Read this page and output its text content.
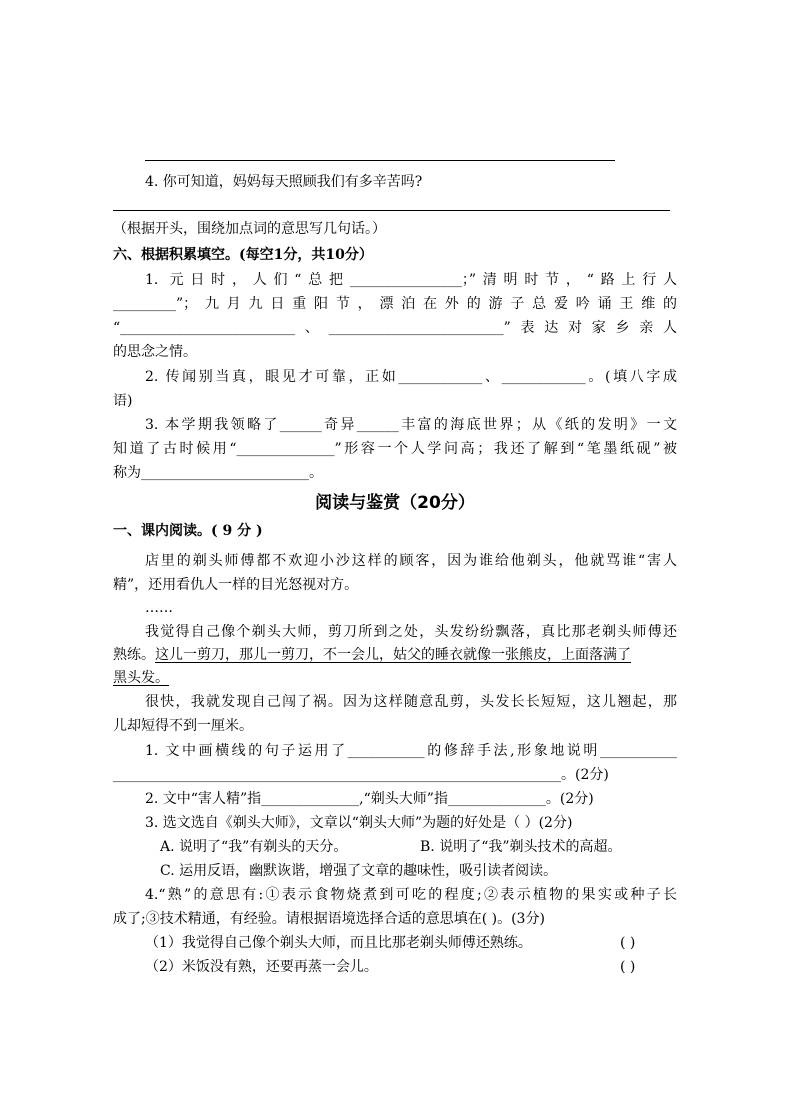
4. 你可知道，妈妈每天照顾我们有多辛苦吗?
（根据开头，围绕加点词的意思写几句话。）
六、根据积累填空。(每空1分，共10分）
1. 元日时，人们“总把________________；”清明时节，“路上行人
_________”；九月九日重阳节，漂泊在外的游子总爱吟诵王维的
“_________________________、_________________________”表达对家乡亲人
的思念之情。
2. 传闻别当真，眼见才可靠，正如____________、____________。(填八字成
语)
3. 本学期我领略了______奇异______丰富的海底世界；从《纸的发明》一文
知道了古时候用“______________”形容一个人学问高；我还了解到“笔墨纸砚”被
称为________________________。
阅读与鉴赏（20分）
一、课内阅读。( 9 分 )
店里的剃头师傅都不欢迎小沙这样的顾客，因为谁给他剃头，他就骂谁“害人
精”，还用看仇人一样的目光怒视对方。
……
我觉得自己像个剃头大师，剪刀所到之处，头发纷纷飘落，真比那老剃头师傅还
熟练。这儿一剪刀，那儿一剪刀，不一会儿，姑父的睡衣就像一张熊皮，上面落满了
黑头发。
很快，我就发现自己闯了祸。因为这样随意乱剪，头发长长短短，这儿翘起，那
儿却短得不到一厘米。
1. 文中画横线的句子运用了___________的修辞手法,形象地说明___________
________________________________________________________________。(2分)
2. 文中“害人精”指______________,“剃头大师”指______________。(2分)
3. 选文选自《剃头大师》，文章以“剃头大师”为题的好处是（ ）(2分)
A. 说明了“我”有剃头的天分。	B. 说明了“我”剃头技术的高超。
C. 运用反语，幽默诙谐，增强了文章的趣味性，吸引读者阅读。
4.“熟”的意思有:①表示食物烧煮到可吃的程度;②表示植物的果实或种子长
成了;③技术精通，有经验。请根据语境选择合适的意思填在( )。(3分)
（1）我觉得自己像个剃头大师，而且比那老剃头师傅还熟练。	( )
（2）米饭没有熟，还要再蒸一会儿。	( )
